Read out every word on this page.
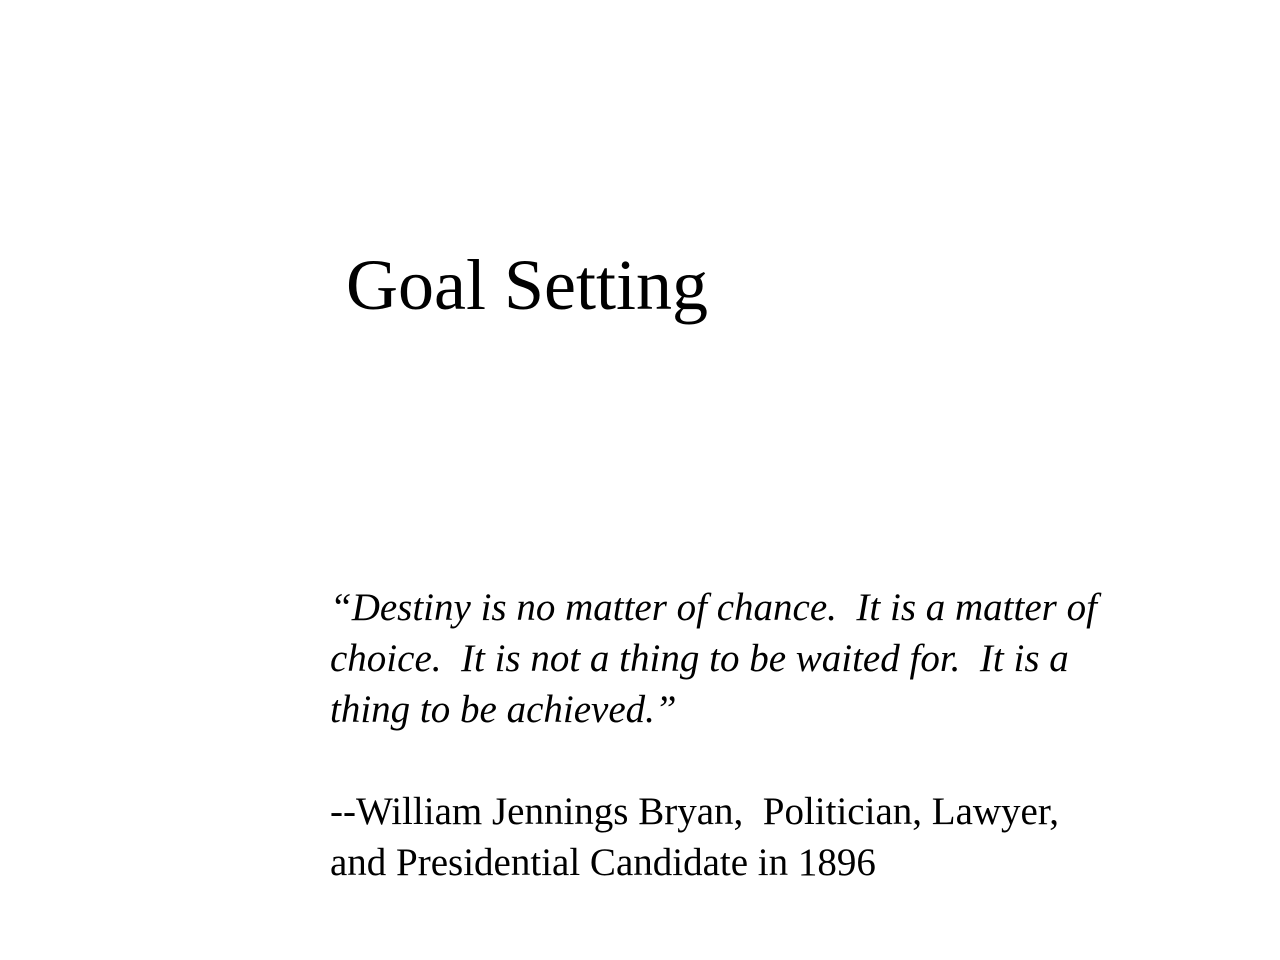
Goal Setting

“Destiny is no matter of chance.  It is a matter of
choice.  It is not a thing to be waited for.  It is a
thing to be achieved.”

--William Jennings Bryan,  Politician, Lawyer,
and Presidential Candidate in 1896
